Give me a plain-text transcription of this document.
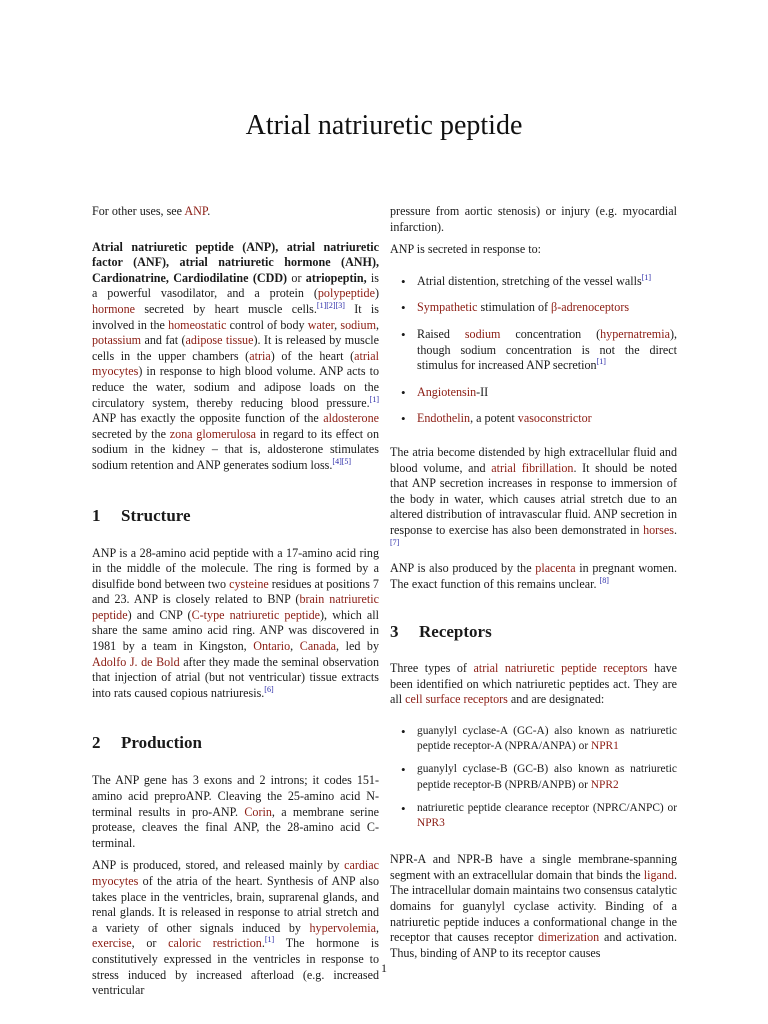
Atrial natriuretic peptide

For other uses, see ANP.

Atrial natriuretic peptide (ANP), atrial natriuretic factor (ANF), atrial natriuretic hormone (ANH), Cardionatrine, Cardiodilatine (CDD) or atriopeptin, is a powerful vasodilator, and a protein (polypeptide) hormone secreted by heart muscle cells.[1][2][3] It is involved in the homeostatic control of body water, sodium, potassium and fat (adipose tissue). It is released by muscle cells in the upper chambers (atria) of the heart (atrial myocytes) in response to high blood volume. ANP acts to reduce the water, sodium and adipose loads on the circulatory system, thereby reducing blood pressure.[1] ANP has exactly the opposite function of the aldosterone secreted by the zona glomerulosa in regard to its effect on sodium in the kidney – that is, aldosterone stimulates sodium retention and ANP generates sodium loss.[4][5]

1 Structure

ANP is a 28-amino acid peptide with a 17-amino acid ring in the middle of the molecule. The ring is formed by a disulfide bond between two cysteine residues at positions 7 and 23. ANP is closely related to BNP (brain natriuretic peptide) and CNP (C-type natriuretic peptide), which all share the same amino acid ring. ANP was discovered in 1981 by a team in Kingston, Ontario, Canada, led by Adolfo J. de Bold after they made the seminal observation that injection of atrial (but not ventricular) tissue extracts into rats caused copious natriuresis.[6]

2 Production

The ANP gene has 3 exons and 2 introns; it codes 151-amino acid preproANP. Cleaving the 25-amino acid N-terminal results in pro-ANP. Corin, a membrane serine protease, cleaves the final ANP, the 28-amino acid C-terminal.

ANP is produced, stored, and released mainly by cardiac myocytes of the atria of the heart. Synthesis of ANP also takes place in the ventricles, brain, suprarenal glands, and renal glands. It is released in response to atrial stretch and a variety of other signals induced by hypervolemia, exercise, or caloric restriction.[1] The hormone is constitutively expressed in the ventricles in response to stress induced by increased afterload (e.g. increased ventricular

pressure from aortic stenosis) or injury (e.g. myocardial infarction).

ANP is secreted in response to:

• Atrial distention, stretching of the vessel walls[1]
• Sympathetic stimulation of β-adrenoceptors
• Raised sodium concentration (hypernatremia), though sodium concentration is not the direct stimulus for increased ANP secretion[1]
• Angiotensin-II
• Endothelin, a potent vasoconstrictor

The atria become distended by high extracellular fluid and blood volume, and atrial fibrillation. It should be noted that ANP secretion increases in response to immersion of the body in water, which causes atrial stretch due to an altered distribution of intravascular fluid. ANP secretion in response to exercise has also been demonstrated in horses.[7]

ANP is also produced by the placenta in pregnant women. The exact function of this remains unclear. [8]

3 Receptors

Three types of atrial natriuretic peptide receptors have been identified on which natriuretic peptides act. They are all cell surface receptors and are designated:

• guanylyl cyclase-A (GC-A) also known as natriuretic peptide receptor-A (NPRA/ANPA) or NPR1
• guanylyl cyclase-B (GC-B) also known as natriuretic peptide receptor-B (NPRB/ANPB) or NPR2
• natriuretic peptide clearance receptor (NPRC/ANPC) or NPR3

NPR-A and NPR-B have a single membrane-spanning segment with an extracellular domain that binds the ligand. The intracellular domain maintains two consensus catalytic domains for guanylyl cyclase activity. Binding of a natriuretic peptide induces a conformational change in the receptor that causes receptor dimerization and activation. Thus, binding of ANP to its receptor causes

1
